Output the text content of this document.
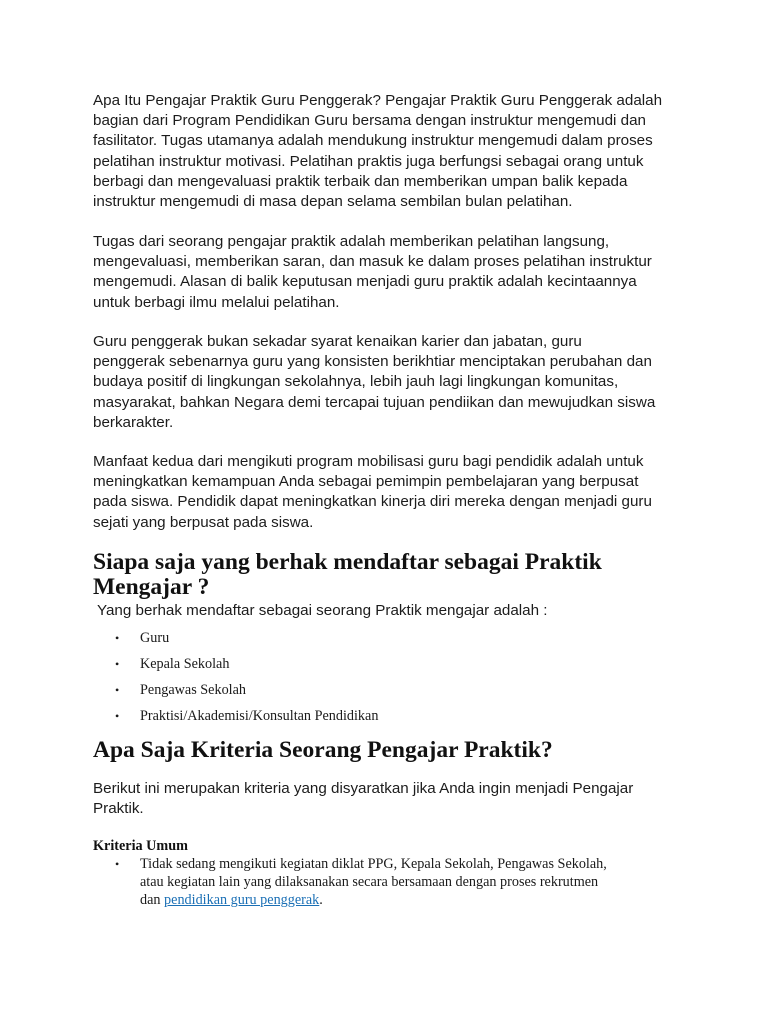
Apa Itu Pengajar Praktik Guru Penggerak? Pengajar Praktik Guru Penggerak adalah
bagian dari Program Pendidikan Guru bersama dengan instruktur mengemudi dan
fasilitator. Tugas utamanya adalah mendukung instruktur mengemudi dalam proses
pelatihan instruktur motivasi. Pelatihan praktis juga berfungsi sebagai orang untuk
berbagi dan mengevaluasi praktik terbaik dan memberikan umpan balik kepada
instruktur mengemudi di masa depan selama sembilan bulan pelatihan.
Tugas dari seorang pengajar praktik adalah memberikan pelatihan langsung,
mengevaluasi, memberikan saran, dan masuk ke dalam proses pelatihan instruktur
mengemudi. Alasan di balik keputusan menjadi guru praktik adalah kecintaannya
untuk berbagi ilmu melalui pelatihan.
Guru penggerak bukan sekadar syarat kenaikan karier dan jabatan, guru
penggerak sebenarnya guru yang konsisten berikhtiar menciptakan perubahan dan
budaya positif di lingkungan sekolahnya, lebih jauh lagi lingkungan komunitas,
masyarakat, bahkan Negara demi tercapai tujuan pendiikan dan mewujudkan siswa
berkarakter.
Manfaat kedua dari mengikuti program mobilisasi guru bagi pendidik adalah untuk
meningkatkan kemampuan Anda sebagai pemimpin pembelajaran yang berpusat
pada siswa. Pendidik dapat meningkatkan kinerja diri mereka dengan menjadi guru
sejati yang berpusat pada siswa.
Siapa saja yang berhak mendaftar sebagai Praktik
Mengajar ?
Yang berhak mendaftar sebagai seorang Praktik mengajar adalah :
• Guru
• Kepala Sekolah
• Pengawas Sekolah
• Praktisi/Akademisi/Konsultan Pendidikan
Apa Saja Kriteria Seorang Pengajar Praktik?
Berikut ini merupakan kriteria yang disyaratkan jika Anda ingin menjadi Pengajar
Praktik.
Kriteria Umum
• Tidak sedang mengikuti kegiatan diklat PPG, Kepala Sekolah, Pengawas Sekolah,
atau kegiatan lain yang dilaksanakan secara bersamaan dengan proses rekrutmen
dan pendidikan guru penggerak.
